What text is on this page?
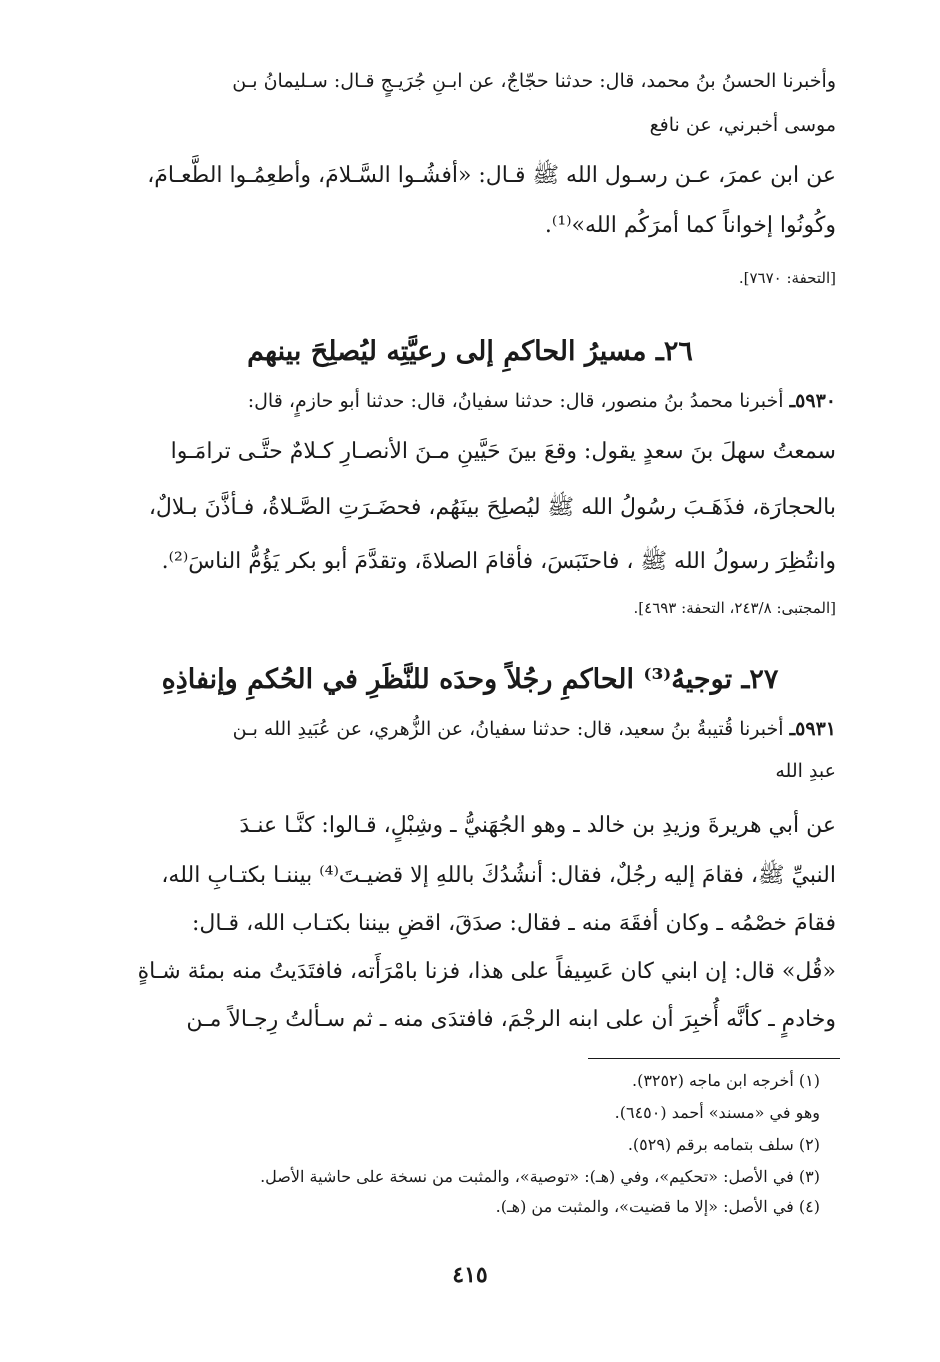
وأخبرنا الحسنُ بنُ محمد، قال: حدثنا حجّاجٌ، عن ابـنِ جُرَيـجٍ قـال: سـليمانُ بـن
موسى أخبرني، عن نافع
عن ابن عمرَ، عـن رسـول الله ﷺ قـال: «أفشُـوا السَّـلامَ، وأطعِمُـوا الطَّعـامَ،
وكُونُوا إخواناً كما أمرَكُم الله»⁽¹⁾.
[التحفة: ٧٦٧٠].
٢٦ـ مسيرُ الحاكمِ إلى رعيَّتِه ليُصلِحَ بينهم
٥٩٣٠ـ أخبرنا محمدُ بنُ منصور، قال: حدثنا سفيانُ، قال: حدثنا أبو حازمٍ، قال:
سمعتُ سهلَ بنَ سعدٍ يقول: وقعَ بينَ حَيَّينِ مـنَ الأنصـارِ كـلامٌ حتَّـى ترامَـوا
بالحجارَة، فذَهَـبَ رسُولُ الله ﷺ ليُصلِحَ بينَهُم، فحضَـرَتِ الصَّـلاةُ، فـأذَّنَ بـلالٌ،
وانتُظِرَ رسولُ الله ﷺ ، فاحتَبَسَ، فأقامَ الصلاةَ، وتقدَّمَ أبو بكر يَؤُمُّ الناسَ⁽²⁾.
[المجتبى: ٢٤٣/٨، التحفة: ٤٦٩٣].
٢٧ـ توجيهُ⁽³⁾ الحاكمِ رجُلاً وحدَه للنَّظَرِ في الحُكمِ وإنفاذِهِ
٥٩٣١ـ أخبرنا قُتيبةُ بنُ سعيد، قال: حدثنا سفيانُ، عن الزُّهري، عن عُبَيدِ الله بـن
عبدِ الله
عن أبي هريرةَ وزيدِ بن خالد ـ وهو الجُهَنيُّ ـ وشِبْلٍ، قـالوا: كنَّـا عنـدَ
النبيِّ ﷺ، فقامَ إليه رجُلٌ، فقال: أنشُدُكَ باللهِ إلا قضيـتَ⁽⁴⁾ بيننـا بكتـابِ الله،
فقامَ خصْمُه ـ وكان أفقَهَ منه ـ فقال: صدَقَ، اقضِ بيننا بكتـاب الله، قـال:
«قُل» قال: إن ابني كان عَسِيفاً على هذا، فزنا بامْرَأَته، فافتَدَيتُ منه بمئة شـاةٍ
وخادمٍ ـ كأنَّه أُخبِرَ أن على ابنه الرجْمَ، فافتدَى منه ـ ثم سـألتُ رِجـالاً مـن
(١) أخرجه ابن ماجه (٣٢٥٢).
وهو في «مسند» أحمد (٦٤٥٠).
(٢) سلف بتمامه برقم (٥٢٩).
(٣) في الأصل: «تحكيم»، وفي (هـ): «توصية»، والمثبت من نسخة على حاشية الأصل.
(٤) في الأصل: «إلا ما قضيت»، والمثبت من (هـ).
٤١٥
